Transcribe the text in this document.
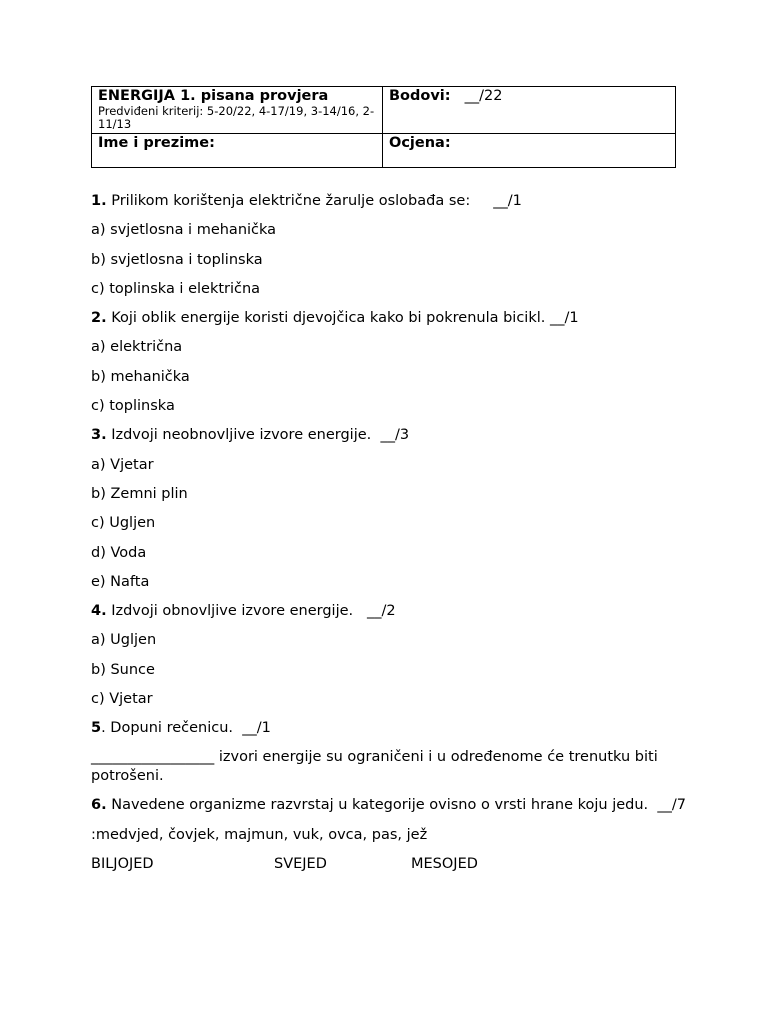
ENERGIJA 1. pisana provjera
Predviđeni kriterij: 5-20/22, 4-17/19, 3-14/16, 2-11/13	Bodovi: __/22
Ime i prezime:	Ocjena:
1. Prilikom korištenja električne žarulje oslobađa se:     __/1
a) svjetlosna i mehanička
b) svjetlosna i toplinska
c) toplinska i električna
2. Koji oblik energije koristi djevojčica kako bi pokrenula bicikl. __/1
a) električna
b) mehanička
c) toplinska
3. Izdvoji neobnovljive izvore energije.  __/3
a) Vjetar
b) Zemni plin
c) Ugljen
d) Voda
e) Nafta
4. Izdvoji obnovljive izvore energije.   __/2
a) Ugljen
b) Sunce
c) Vjetar
5. Dopuni rečenicu.  __/1
_________________ izvori energije su ograničeni i u određenome će trenutku biti potrošeni.
6. Navedene organizme razvrstaj u kategorije ovisno o vrsti hrane koju jedu.  __/7
:medvjed, čovjek, majmun, vuk, ovca, pas, jež
BILJOJED	SVEJED	MESOJED
